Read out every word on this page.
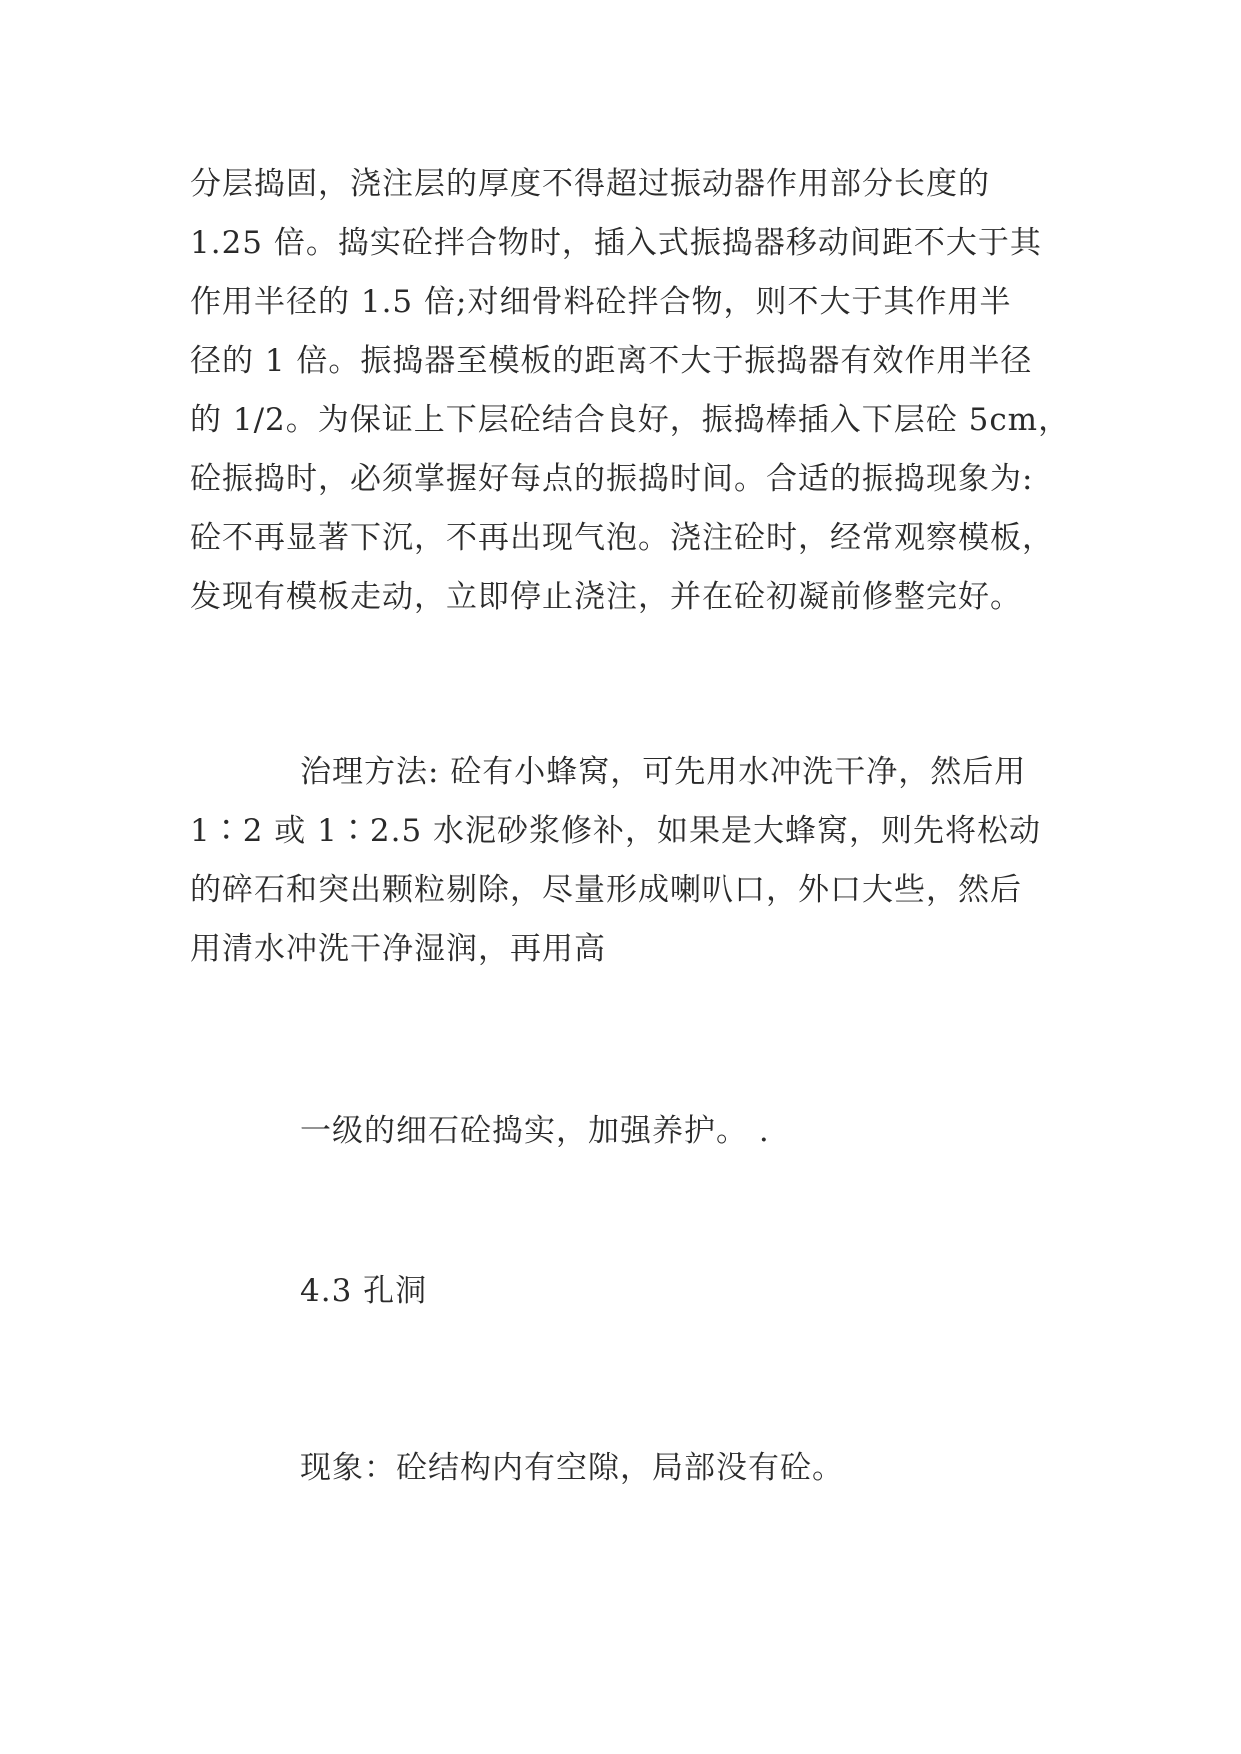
分层捣固，浇注层的厚度不得超过振动器作用部分长度的
1.25 倍。捣实砼拌合物时，插入式振捣器移动间距不大于其
作用半径的 1.5 倍;对细骨料砼拌合物，则不大于其作用半
径的 1 倍。振捣器至模板的距离不大于振捣器有效作用半径
的 1/2。为保证上下层砼结合良好，振捣棒插入下层砼 5cm，
砼振捣时，必须掌握好每点的振捣时间。合适的振捣现象为:
砼不再显著下沉，不再出现气泡。浇注砼时，经常观察模板，
发现有模板走动，立即停止浇注，并在砼初凝前修整完好。
治理方法: 砼有小蜂窝，可先用水冲洗干净，然后用
1∶2 或 1∶2.5 水泥砂浆修补，如果是大蜂窝，则先将松动
的碎石和突出颗粒剔除，尽量形成喇叭口，外口大些，然后
用清水冲洗干净湿润，再用高
一级的细石砼捣实，加强养护。 .
4.3 孔洞
现象：砼结构内有空隙，局部没有砼。
